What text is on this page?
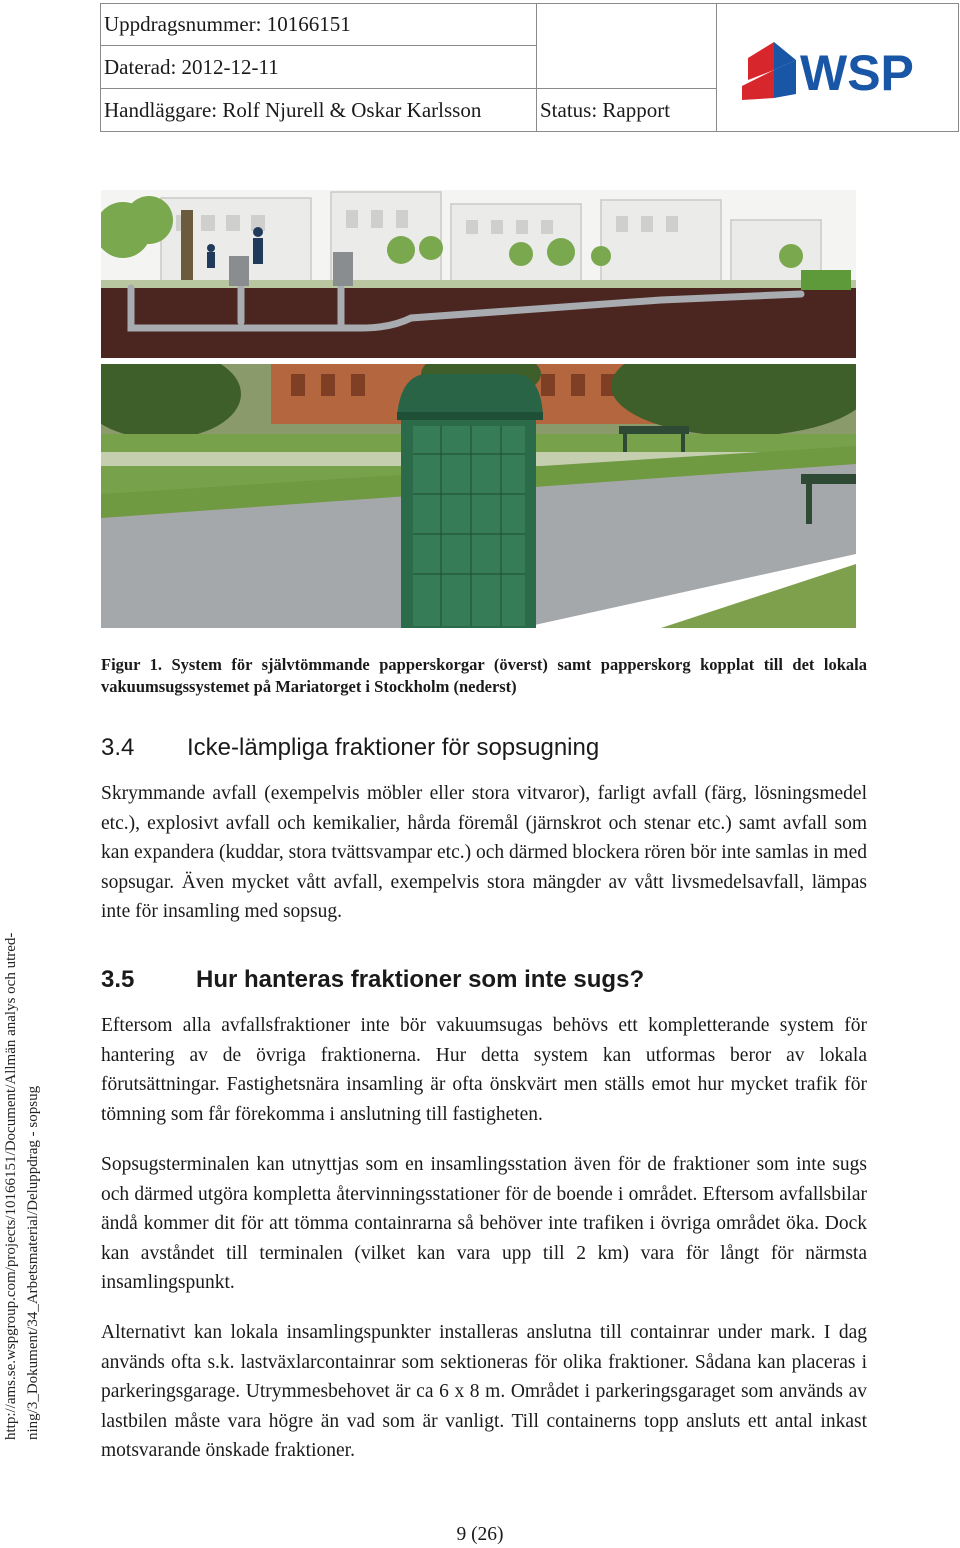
Uppdragsnummer: 10166151
Daterad: 2012-12-11
Handläggare: Rolf Njurell & Oskar Karlsson	Status: Rapport
WSP
http://ams.se.wspgroup.com/projects/10166151/Document/Allmän analys och utred- ning/3_Dokument/34_Arbetsmaterial/Deluppdrag - sopsug
Figur 1. System för självtömmande papperskorgar (överst) samt papperskorg kopplat till det lokala vakuumsugssystemet på Mariatorget i Stockholm (nederst)
3.4	Icke-lämpliga fraktioner för sopsugning
Skrymmande avfall (exempelvis möbler eller stora vitvaror), farligt avfall (färg, lösningsmedel etc.), explosivt avfall och kemikalier, hårda föremål (järnskrot och stenar etc.) samt avfall som kan expandera (kuddar, stora tvättsvampar etc.) och därmed blockera rören bör inte samlas in med sopsugar. Även mycket vått avfall, exempelvis stora mängder av vått livsmedelsavfall, lämpas inte för insamling med sopsug.
3.5	Hur hanteras fraktioner som inte sugs?
Eftersom alla avfallsfraktioner inte bör vakuumsugas behövs ett kompletterande system för hantering av de övriga fraktionerna. Hur detta system kan utformas beror av lokala förutsättningar. Fastighetsnära insamling är ofta önskvärt men ställs emot hur mycket trafik för tömning som får förekomma i anslutning till fastigheten.
Sopsugsterminalen kan utnyttjas som en insamlingsstation även för de fraktioner som inte sugs och därmed utgöra kompletta återvinningsstationer för de boende i området. Eftersom avfallsbilar ändå kommer dit för att tömma containrarna så behöver inte trafiken i övriga området öka. Dock kan avståndet till terminalen (vilket kan vara upp till 2 km) vara för långt för närmsta insamlingspunkt.
Alternativt kan lokala insamlingspunkter installeras anslutna till containrar under mark. I dag används ofta s.k. lastväxlarcontainrar som sektioneras för olika fraktioner. Sådana kan placeras i parkeringsgarage. Utrymmesbehovet är ca 6 x 8 m. Området i parkeringsgaraget som används av lastbilen måste vara högre än vad som är vanligt. Till containerns topp ansluts ett antal inkast motsvarande önskade fraktioner.
9 (26)
